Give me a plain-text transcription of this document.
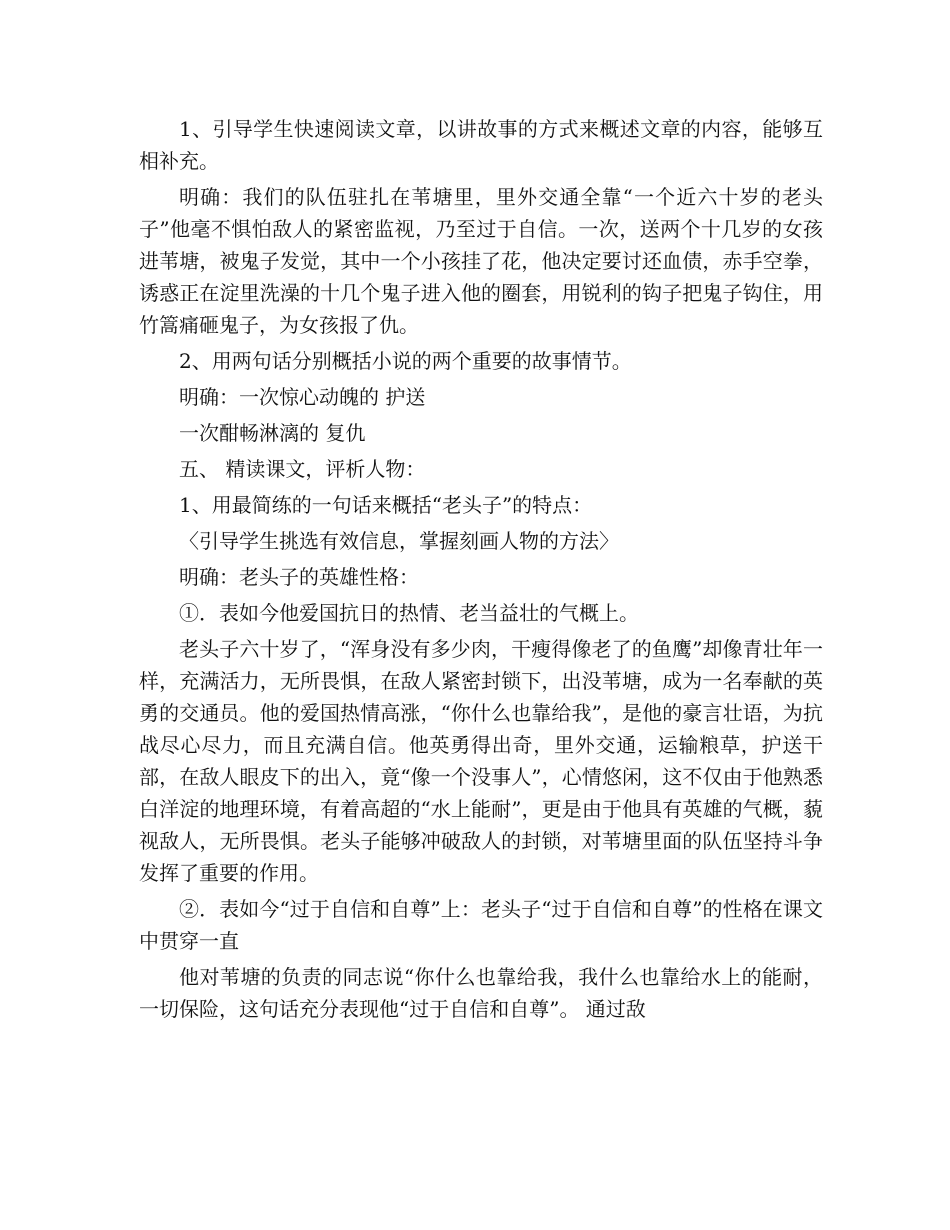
1、引导学生快速阅读文章，以讲故事的方式来概述文章的内容，能够互相补充。

明确：我们的队伍驻扎在苇塘里，里外交通全靠“一个近六十岁的老头子”他毫不惧怕敌人的紧密监视，乃至过于自信。一次，送两个十几岁的女孩进苇塘，被鬼子发觉，其中一个小孩挂了花，他决定要讨还血债，赤手空拳，诱惑正在淀里洗澡的十几个鬼子进入他的圈套，用锐利的钩子把鬼子钩住，用竹篙痛砸鬼子，为女孩报了仇。

2、用两句话分别概括小说的两个重要的故事情节。

明确：一次惊心动魄的 护送

一次酣畅淋漓的 复仇

五、 精读课文，评析人物：

1、用最简练的一句话来概括“老头子”的特点：

〈引导学生挑选有效信息，掌握刻画人物的方法〉

明确：老头子的英雄性格：

①．表如今他爱国抗日的热情、老当益壮的气概上。

老头子六十岁了，“浑身没有多少肉，干瘦得像老了的鱼鹰”却像青壮年一样，充满活力，无所畏惧，在敌人紧密封锁下，出没苇塘，成为一名奉献的英勇的交通员。他的爱国热情高涨，“你什么也靠给我”，是他的豪言壮语，为抗战尽心尽力，而且充满自信。他英勇得出奇，里外交通，运输粮草，护送干部，在敌人眼皮下的出入，竟“像一个没事人”，心情悠闲，这不仅由于他熟悉白洋淀的地理环境，有着高超的“水上能耐”，更是由于他具有英雄的气概，藐视敌人，无所畏惧。老头子能够冲破敌人的封锁，对苇塘里面的队伍坚持斗争发挥了重要的作用。

②．表如今“过于自信和自尊”上：老头子“过于自信和自尊”的性格在课文中贯穿一直

他对苇塘的负责的同志说“你什么也靠给我，我什么也靠给水上的能耐，一切保险，这句话充分表现他“过于自信和自尊”。 通过敌
